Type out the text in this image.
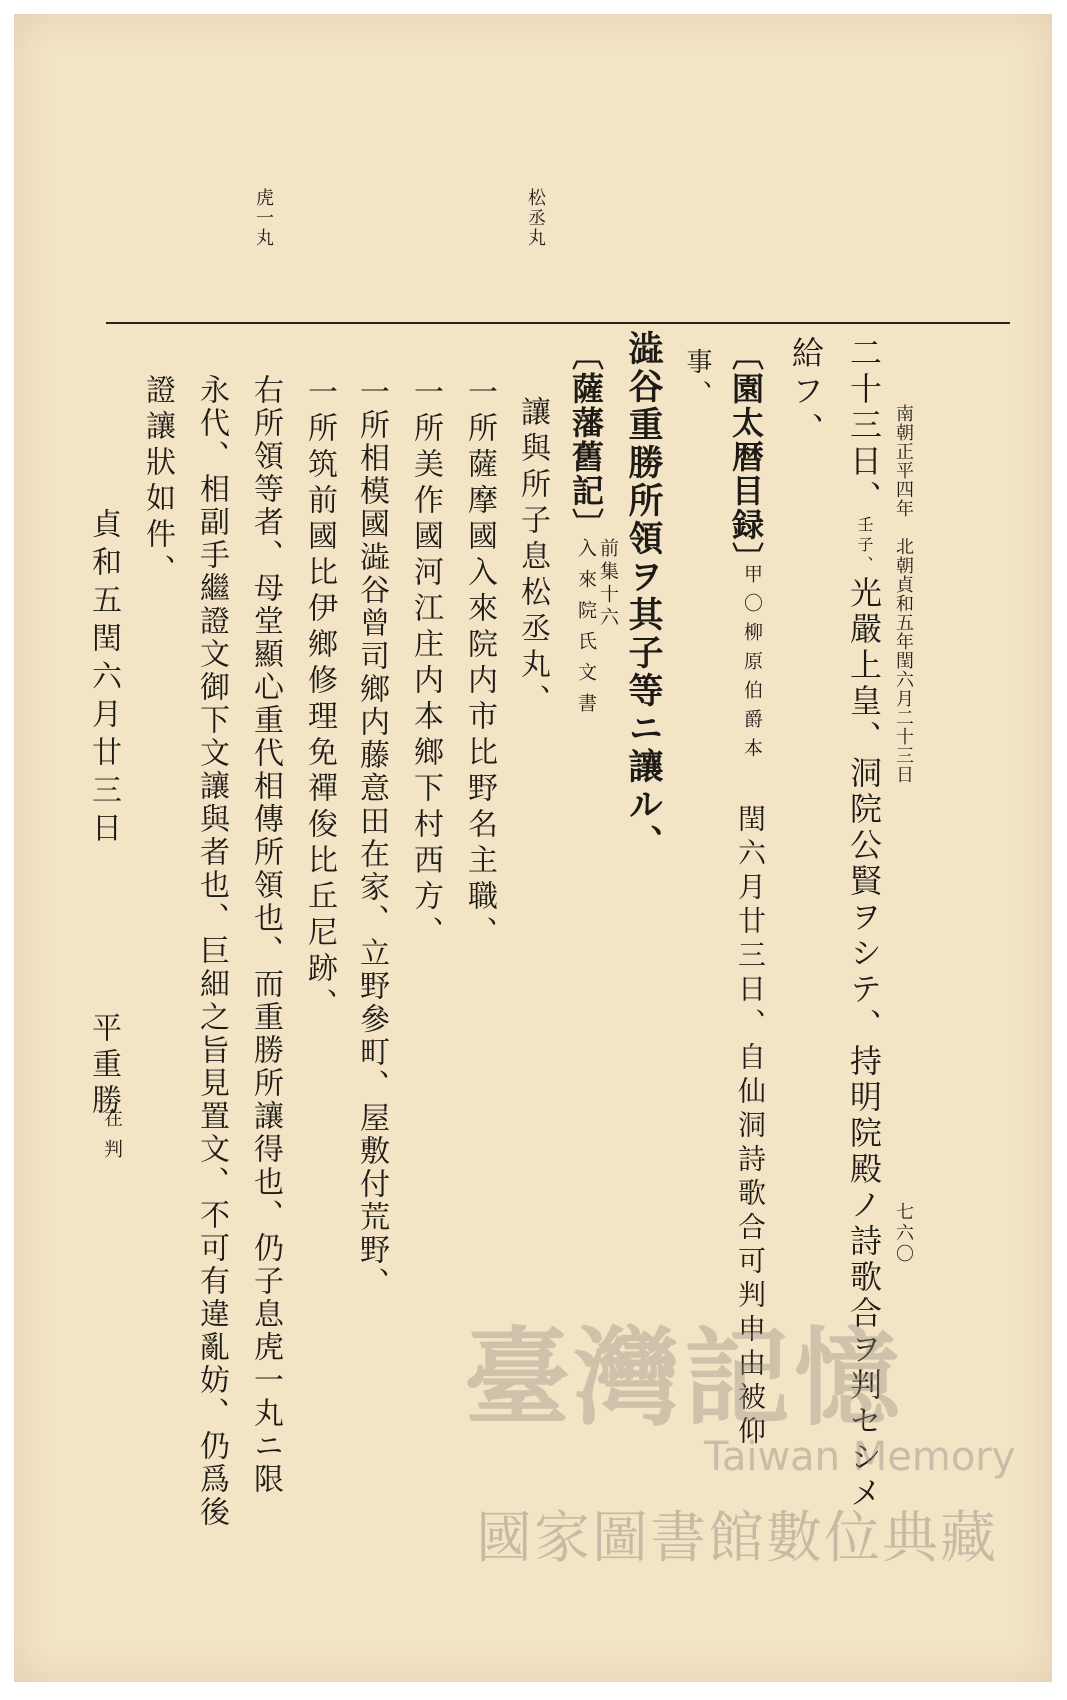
南朝正平四年　北朝貞和五年閏六月二十三日
七六〇
松丞丸
虎一丸
二十三日、壬子、光嚴上皇、洞院公賢ヲシテ、持明院殿ノ詩歌合ヲ判セシメ
給フ、
〔園太暦目録〕
甲〇柳原伯爵本
閏六月廿三日、自仙洞詩歌合可判申由被仰
事、
澁谷重勝所領ヲ其子等ニ讓ル、
〔薩藩舊記〕
前集十六
入來院氏文書
讓與所子息松丞丸、
一所薩摩國入來院内市比野名主職、
一所美作國河江庄内本鄉下村西方、
一所相模國澁谷曾司鄉内藤意田在家、立野參町、屋敷付荒野、
一所筑前國比伊鄉修理免禪俊比丘尼跡、
右所領等者、母堂顯心重代相傳所領也、而重勝所讓得也、仍子息虎一丸ニ限
永代、相副手繼證文御下文讓與者也、巨細之旨見置文、不可有違亂妨、仍爲後
證讓狀如件、
貞和五閏六月廿三日
平重勝
在判
臺灣記憶
Taiwan Memory
國家圖書館數位典藏
